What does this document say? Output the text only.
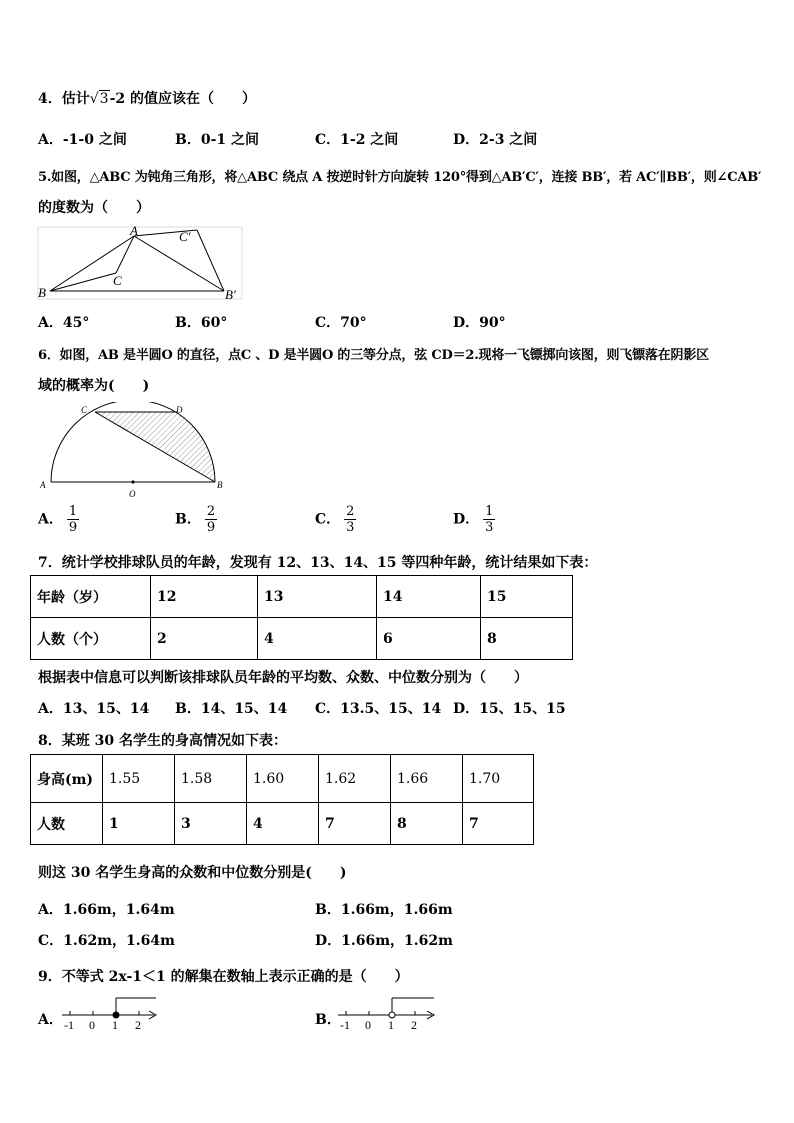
4．估计√3-2 的值应该在（　　）
A．-1-0 之间	B．0-1 之间	C．1-2 之间	D．2-3 之间
5.如图，△ABC 为钝角三角形，将△ABC 绕点 A 按逆时针方向旋转 120°得到△AB′C′，连接 BB′，若 AC′∥BB′，则∠CAB′
的度数为（　　）
A
B
C
C′
B′
A．45°	B．60°	C．70°	D．90°
6．如图，AB 是半圆O 的直径，点C 、D 是半圆O 的三等分点，弦 CD＝2.现将一飞镖掷向该图，则飞镖落在阴影区
域的概率为(　　)
A	B
C	D
O
A． $\frac{1}{9}$	B． $\frac{2}{9}$	C． $\frac{2}{3}$	D． $\frac{1}{3}$
7．统计学校排球队员的年龄，发现有 12、13、14、15 等四种年龄，统计结果如下表：
年龄（岁）	12	13	14	15
人数（个）	2	4	6	8
根据表中信息可以判断该排球队员年龄的平均数、众数、中位数分别为（　　）
A．13、15、14 B．14、15、14 C．13.5、15、14 D．15、15、15
8．某班 30 名学生的身高情况如下表：
身高(m)	1.55	1.58	1.60	1.62	1.66	1.70
人数	1	3	4	7	8	7
则这 30 名学生身高的众数和中位数分别是(　　)
A．1.66m，1.64m	B．1.66m，1.66m
C．1.62m，1.64m	D．1.66m，1.62m
9．不等式 2x-1＜1 的解集在数轴上表示正确的是（　　）
A． -1 0 1 2	B． -1 0 1 2
